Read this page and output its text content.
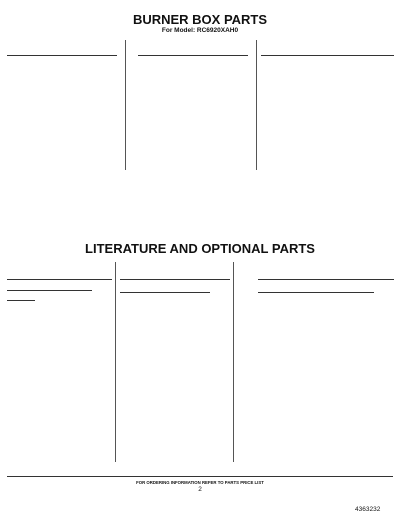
BURNER BOX PARTS
For Model: RC6920XAH0
LITERATURE AND OPTIONAL PARTS
FOR ORDERING INFORMATION REFER TO PARTS PRICE LIST
2
4363232
